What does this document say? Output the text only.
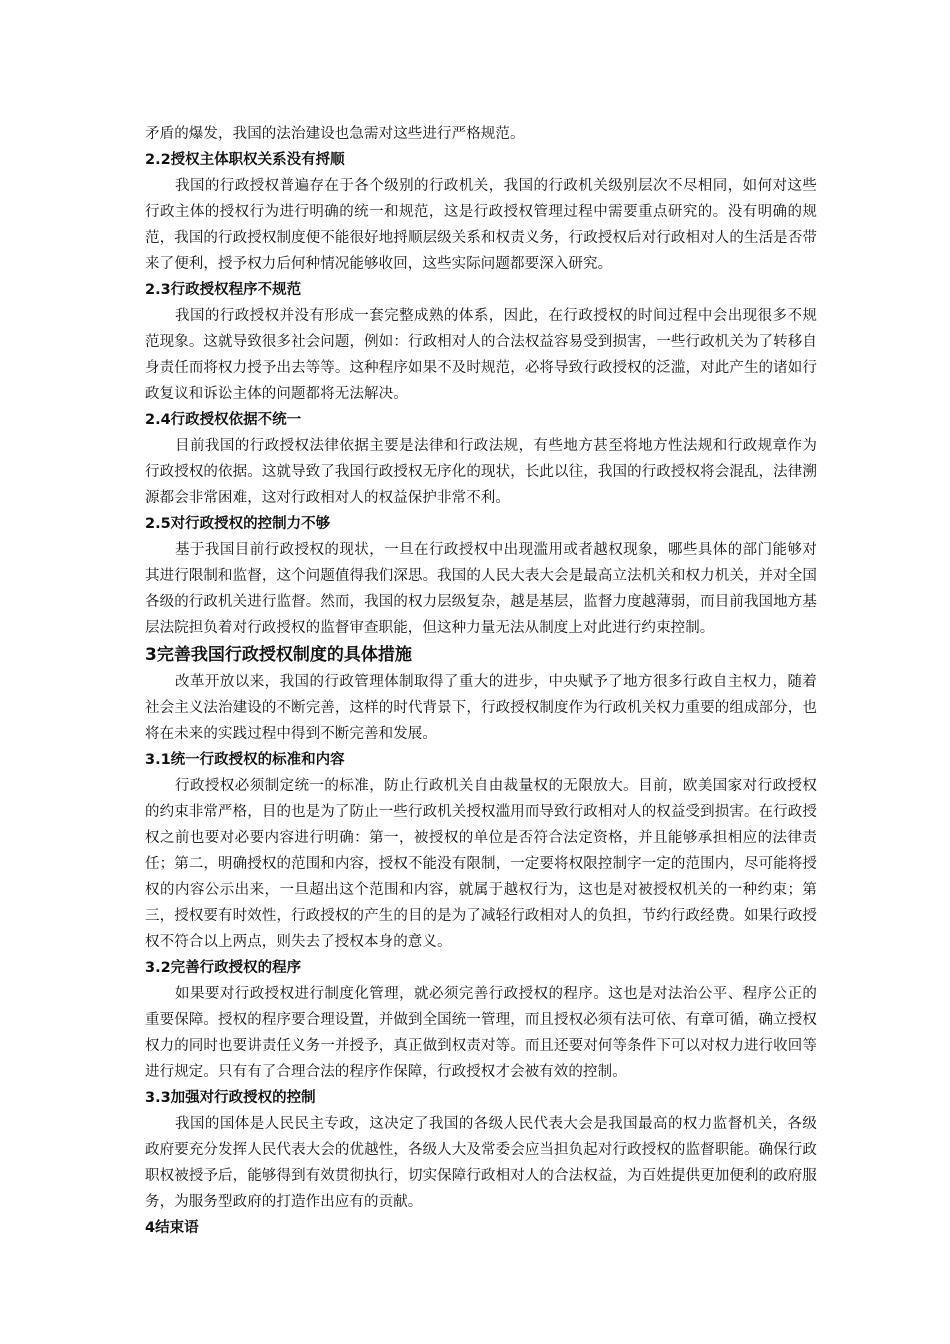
矛盾的爆发，我国的法治建设也急需对这些进行严格规范。

2.2授权主体职权关系没有捋顺

我国的行政授权普遍存在于各个级别的行政机关，我国的行政机关级别层次不尽相同，如何对这些行政主体的授权行为进行明确的统一和规范，这是行政授权管理过程中需要重点研究的。没有明确的规范，我国的行政授权制度便不能很好地捋顺层级关系和权责义务，行政授权后对行政相对人的生活是否带来了便利，授予权力后何种情况能够收回，这些实际问题都要深入研究。

2.3行政授权程序不规范

我国的行政授权并没有形成一套完整成熟的体系，因此，在行政授权的时间过程中会出现很多不规范现象。这就导致很多社会问题，例如：行政相对人的合法权益容易受到损害，一些行政机关为了转移自身责任而将权力授予出去等等。这种程序如果不及时规范，必将导致行政授权的泛滥，对此产生的诸如行政复议和诉讼主体的问题都将无法解决。

2.4行政授权依据不统一

目前我国的行政授权法律依据主要是法律和行政法规，有些地方甚至将地方性法规和行政规章作为行政授权的依据。这就导致了我国行政授权无序化的现状，长此以往，我国的行政授权将会混乱，法律溯源都会非常困难，这对行政相对人的权益保护非常不利。

2.5对行政授权的控制力不够

基于我国目前行政授权的现状，一旦在行政授权中出现滥用或者越权现象，哪些具体的部门能够对其进行限制和监督，这个问题值得我们深思。我国的人民大表大会是最高立法机关和权力机关，并对全国各级的行政机关进行监督。然而，我国的权力层级复杂，越是基层，监督力度越薄弱，而目前我国地方基层法院担负着对行政授权的监督审查职能，但这种力量无法从制度上对此进行约束控制。

3完善我国行政授权制度的具体措施

改革开放以来，我国的行政管理体制取得了重大的进步，中央赋予了地方很多行政自主权力，随着社会主义法治建设的不断完善，这样的时代背景下，行政授权制度作为行政机关权力重要的组成部分，也将在未来的实践过程中得到不断完善和发展。

3.1统一行政授权的标准和内容

行政授权必须制定统一的标准，防止行政机关自由裁量权的无限放大。目前，欧美国家对行政授权的约束非常严格，目的也是为了防止一些行政机关授权滥用而导致行政相对人的权益受到损害。在行政授权之前也要对必要内容进行明确：第一，被授权的单位是否符合法定资格，并且能够承担相应的法律责任；第二，明确授权的范围和内容，授权不能没有限制，一定要将权限控制字一定的范围内，尽可能将授权的内容公示出来，一旦超出这个范围和内容，就属于越权行为，这也是对被授权机关的一种约束；第三，授权要有时效性，行政授权的产生的目的是为了减轻行政相对人的负担，节约行政经费。如果行政授权不符合以上两点，则失去了授权本身的意义。

3.2完善行政授权的程序

如果要对行政授权进行制度化管理，就必须完善行政授权的程序。这也是对法治公平、程序公正的重要保障。授权的程序要合理设置，并做到全国统一管理，而且授权必须有法可依、有章可循，确立授权权力的同时也要讲责任义务一并授予，真正做到权责对等。而且还要对何等条件下可以对权力进行收回等进行规定。只有有了合理合法的程序作保障，行政授权才会被有效的控制。

3.3加强对行政授权的控制

我国的国体是人民民主专政，这决定了我国的各级人民代表大会是我国最高的权力监督机关，各级政府要充分发挥人民代表大会的优越性，各级人大及常委会应当担负起对行政授权的监督职能。确保行政职权被授予后，能够得到有效贯彻执行，切实保障行政相对人的合法权益，为百姓提供更加便利的政府服务，为服务型政府的打造作出应有的贡献。

4结束语
